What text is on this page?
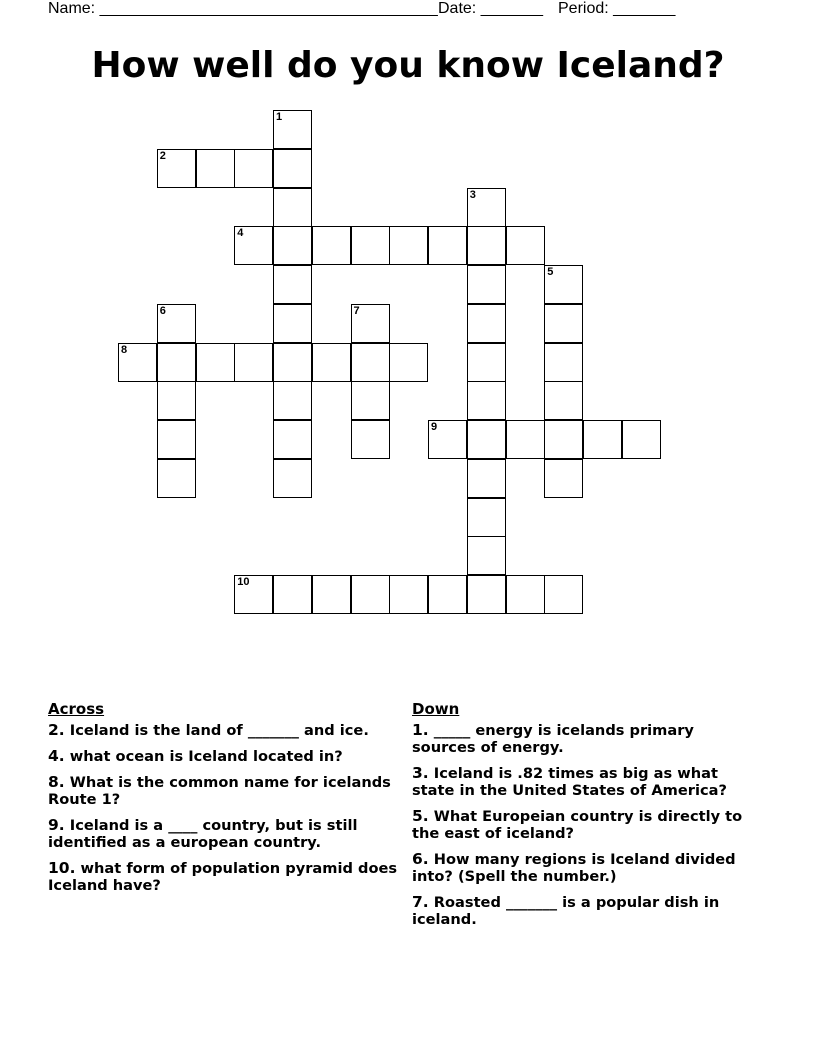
Name: ______________________________________

Date: _______

Period: _______

How well do you know Iceland?
1
2
3
4
5
6	7
8
9
10
Across
2. Iceland is the land of _______ and ice.
4. what ocean is Iceland located in?
8. What is the common name for icelands Route 1?
9. Iceland is a ____ country, but is still identified as a european country.
10. what form of population pyramid does Iceland have?
Down
1. _____ energy is icelands primary sources of energy.
3. Iceland is .82 times as big as what state in the United States of America?
5. What Europeian country is directly to the east of iceland?
6. How many regions is Iceland divided into? (Spell the number.)
7. Roasted _______ is a popular dish in iceland.
